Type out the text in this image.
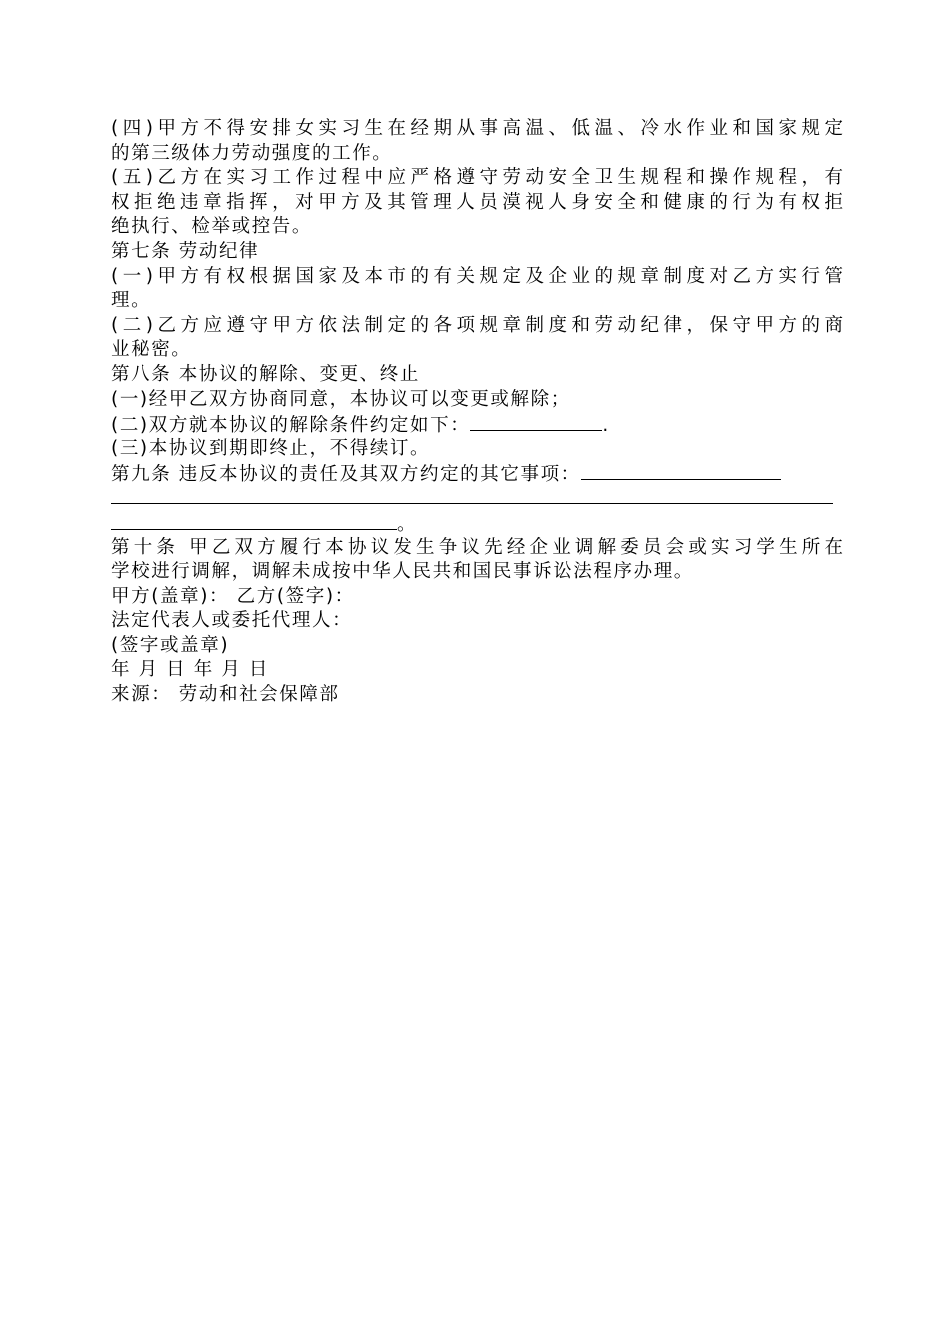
(四)甲方不得安排女实习生在经期从事高温、低温、冷水作业和国家规定
的第三级体力劳动强度的工作。
(五)乙方在实习工作过程中应严格遵守劳动安全卫生规程和操作规程，有
权拒绝违章指挥，对甲方及其管理人员漠视人身安全和健康的行为有权拒
绝执行、检举或控告。
第七条 劳动纪律
(一)甲方有权根据国家及本市的有关规定及企业的规章制度对乙方实行管
理。
(二)乙方应遵守甲方依法制定的各项规章制度和劳动纪律，保守甲方的商
业秘密。
第八条 本协议的解除、变更、终止
(一)经甲乙双方协商同意，本协议可以变更或解除；
(二)双方就本协议的解除条件约定如下：	.
(三)本协议到期即终止，不得续订。
第九条 违反本协议的责任及其双方约定的其它事项：
。
第十条 甲乙双方履行本协议发生争议先经企业调解委员会或实习学生所在
学校进行调解，调解未成按中华人民共和国民事诉讼法程序办理。
甲方(盖章)： 乙方(签字)：
法定代表人或委托代理人：
(签字或盖章)
年 月 日 年 月 日
来源： 劳动和社会保障部
